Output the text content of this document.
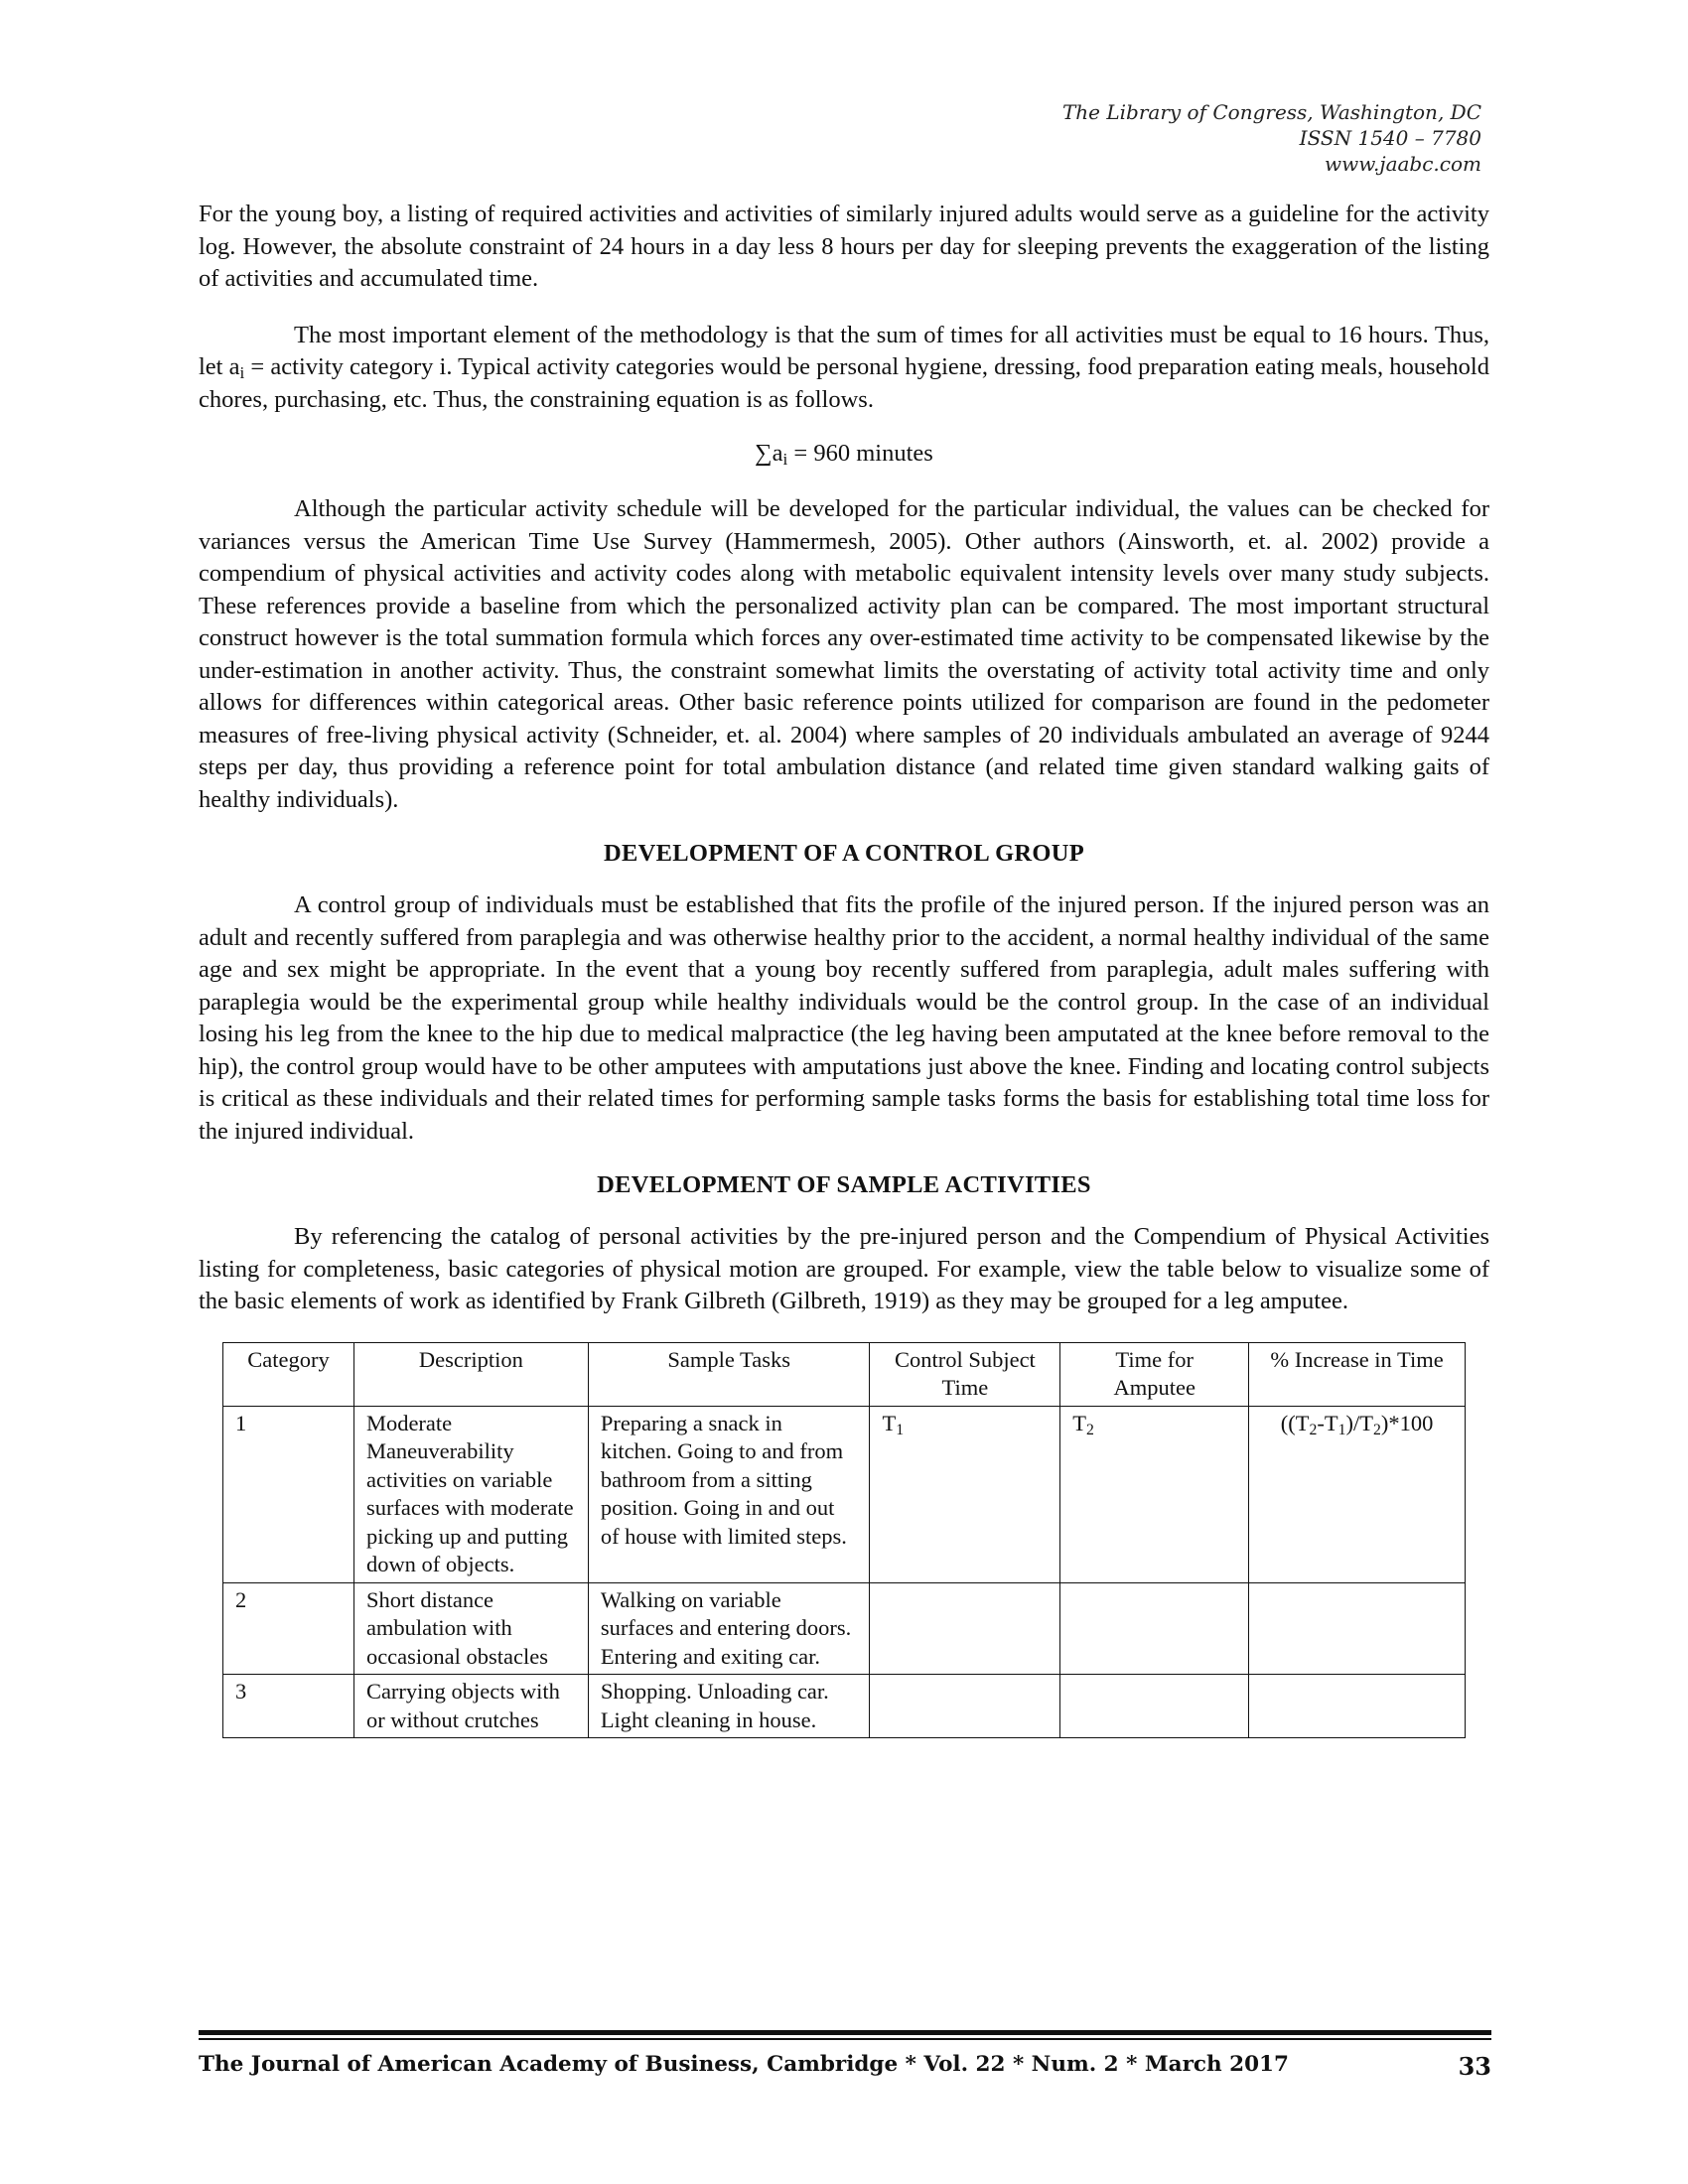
The Library of Congress, Washington, DC
ISSN 1540 – 7780
www.jaabc.com

For the young boy, a listing of required activities and activities of similarly injured adults would serve as a guideline for the activity log. However, the absolute constraint of 24 hours in a day less 8 hours per day for sleeping prevents the exaggeration of the listing of activities and accumulated time.

The most important element of the methodology is that the sum of times for all activities must be equal to 16 hours. Thus, let $a_i$ = activity category i. Typical activity categories would be personal hygiene, dressing, food preparation eating meals, household chores, purchasing, etc. Thus, the constraining equation is as follows.

$\sum a_i = 960$ minutes

Although the particular activity schedule will be developed for the particular individual, the values can be checked for variances versus the American Time Use Survey (Hammermesh, 2005). Other authors (Ainsworth, et. al. 2002) provide a compendium of physical activities and activity codes along with metabolic equivalent intensity levels over many study subjects. These references provide a baseline from which the personalized activity plan can be compared. The most important structural construct however is the total summation formula which forces any over-estimated time activity to be compensated likewise by the under-estimation in another activity. Thus, the constraint somewhat limits the overstating of activity total activity time and only allows for differences within categorical areas. Other basic reference points utilized for comparison are found in the pedometer measures of free-living physical activity (Schneider, et. al. 2004) where samples of 20 individuals ambulated an average of 9244 steps per day, thus providing a reference point for total ambulation distance (and related time given standard walking gaits of healthy individuals).

DEVELOPMENT OF A CONTROL GROUP

A control group of individuals must be established that fits the profile of the injured person. If the injured person was an adult and recently suffered from paraplegia and was otherwise healthy prior to the accident, a normal healthy individual of the same age and sex might be appropriate. In the event that a young boy recently suffered from paraplegia, adult males suffering with paraplegia would be the experimental group while healthy individuals would be the control group. In the case of an individual losing his leg from the knee to the hip due to medical malpractice (the leg having been amputated at the knee before removal to the hip), the control group would have to be other amputees with amputations just above the knee. Finding and locating control subjects is critical as these individuals and their related times for performing sample tasks forms the basis for establishing total time loss for the injured individual.

DEVELOPMENT OF SAMPLE ACTIVITIES

By referencing the catalog of personal activities by the pre-injured person and the Compendium of Physical Activities listing for completeness, basic categories of physical motion are grouped. For example, view the table below to visualize some of the basic elements of work as identified by Frank Gilbreth (Gilbreth, 1919) as they may be grouped for a leg amputee.

Category	Description	Sample Tasks	Control Subject Time	Time for Amputee	% Increase in Time
1	Moderate Maneuverability activities on variable surfaces with moderate picking up and putting down of objects.	Preparing a snack in kitchen. Going to and from bathroom from a sitting position. Going in and out of house with limited steps.	$T_1$	$T_2$	$((T_2-T_1)/T_2)*100$
2	Short distance ambulation with occasional obstacles	Walking on variable surfaces and entering doors. Entering and exiting car.			
3	Carrying objects with or without crutches	Shopping. Unloading car. Light cleaning in house.			
The Journal of American Academy of Business, Cambridge * Vol. 22 * Num. 2 * March 2017	33
